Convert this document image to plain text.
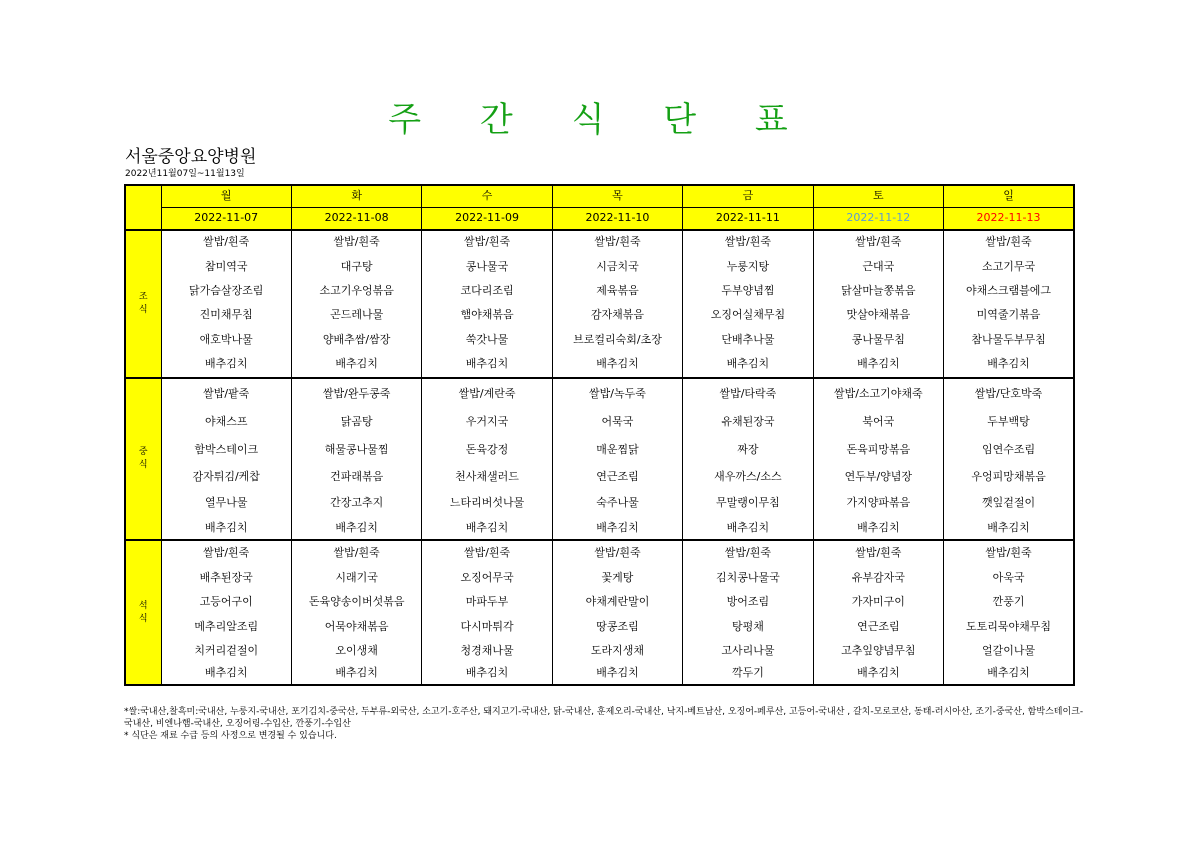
주 간 식 단 표
서울중앙요양병원
2022년11월07일~11월13일
	월	화	수	목	금	토	일
	2022-11-07	2022-11-08	2022-11-09	2022-11-10	2022-11-11	2022-11-12	2022-11-13

조
식	쌀밥/흰죽	쌀밥/흰죽	쌀밥/흰죽	쌀밥/흰죽	쌀밥/흰죽	쌀밥/흰죽	쌀밥/흰죽
	참미역국	대구탕	콩나물국	시금치국	누룽지탕	근대국	소고기무국
	닭가슴살장조림	소고기우엉볶음	코다리조림	제육볶음	두부양념찜	닭살마늘쫑볶음	야채스크램블에그
	진미채무침	곤드레나물	햄야채볶음	감자채볶음	오징어실채무침	맛살야채볶음	미역줄기볶음
	애호박나물	양배추쌈/쌈장	쑥갓나물	브로컬리숙회/초장	단배추나물	콩나물무침	참나물두부무침
	배추김치	배추김치	배추김치	배추김치	배추김치	배추김치	배추김치

중
식	쌀밥/팥죽	쌀밥/완두콩죽	쌀밥/계란죽	쌀밥/녹두죽	쌀밥/타락죽	쌀밥/소고기야채죽	쌀밥/단호박죽
	야채스프	닭곰탕	우거지국	어묵국	유채된장국	북어국	두부백탕
	함박스테이크	해물콩나물찜	돈육강정	매운찜닭	짜장	돈육피망볶음	임연수조림
	감자튀김/케찹	건파래볶음	천사채샐러드	연근조림	새우까스/소스	연두부/양념장	우엉피망채볶음
	열무나물	간장고추지	느타리버섯나물	숙주나물	무말랭이무침	가지양파볶음	깻잎겉절이
	배추김치	배추김치	배추김치	배추김치	배추김치	배추김치	배추김치

석
식	쌀밥/흰죽	쌀밥/흰죽	쌀밥/흰죽	쌀밥/흰죽	쌀밥/흰죽	쌀밥/흰죽	쌀밥/흰죽
	배추된장국	시래기국	오징어무국	꽃게탕	김치콩나물국	유부감자국	아욱국
	고등어구이	돈육양송이버섯볶음	마파두부	야채계란말이	방어조림	가자미구이	깐풍기
	메추리알조림	어묵야채볶음	다시마튀각	땅콩조림	탕평채	연근조림	도토리묵야채무침
	치커리겉절이	오이생채	청경채나물	도라지생채	고사리나물	고추잎양념무침	얼갈이나물
	배추김치	배추김치	배추김치	배추김치	깍두기	배추김치	배추김치
*쌀:국내산,찰흑미:국내산, 누룽지-국내산, 포기김치-중국산, 두부류-외국산, 소고기-호주산, 돼지고기-국내산, 닭-국내산, 훈제오리-국내산, 낙지-베트남산, 오징어-페루산, 고등어-국내산 , 갈치-모로코산, 동태-러시아산, 조기-중국산, 함박스테이크-국내산, 비엔나햄-국내산, 오징어링-수입산, 깐풍기-수입산
* 식단은 재료 수급 등의 사정으로 변경될 수 있습니다.
